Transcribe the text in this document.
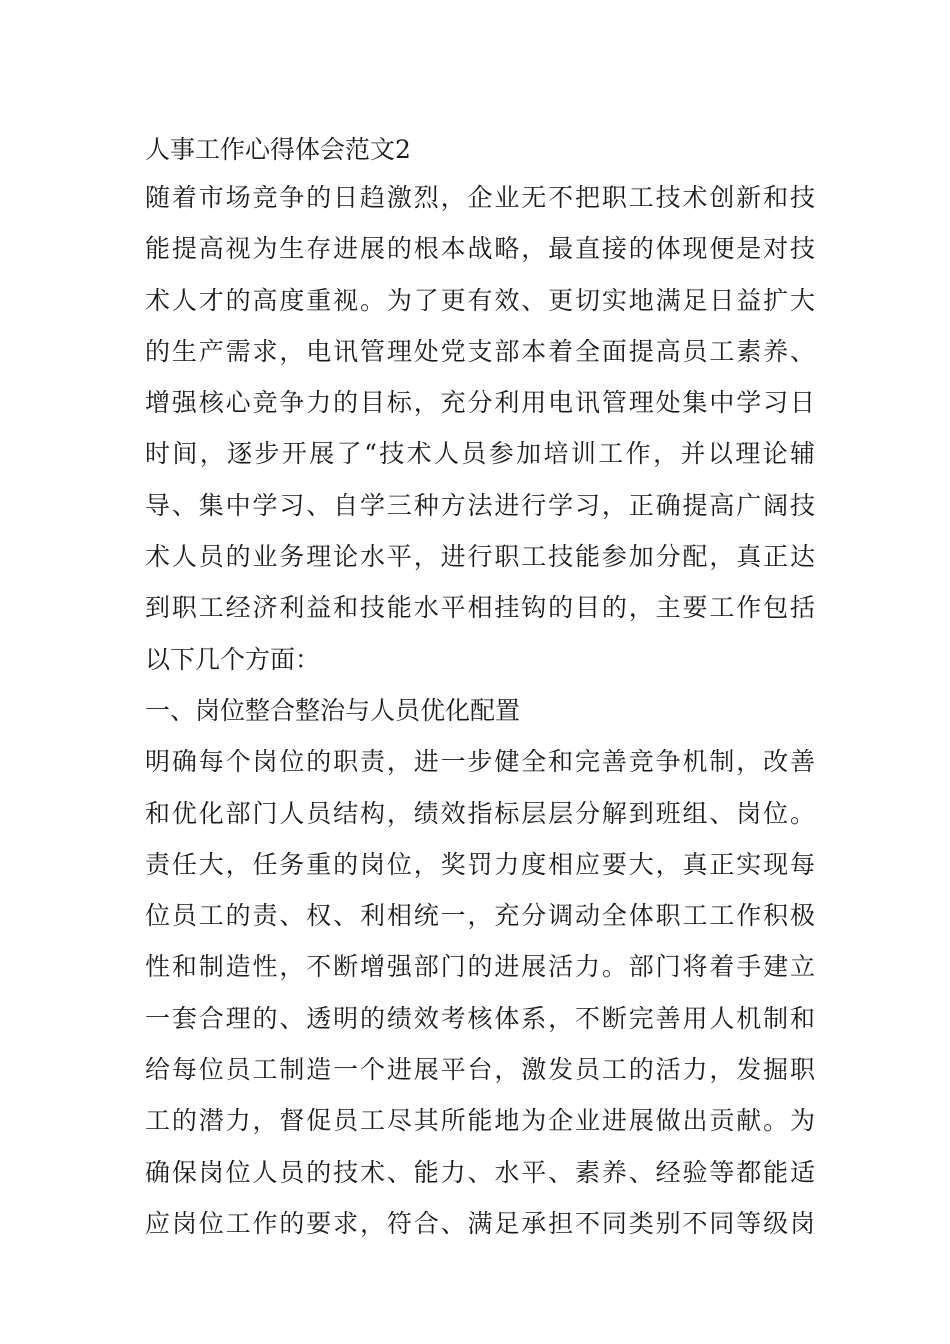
人事工作心得体会范文2
随着市场竞争的日趋激烈，企业无不把职工技术创新和技
能提高视为生存进展的根本战略，最直接的体现便是对技
术人才的高度重视。为了更有效、更切实地满足日益扩大
的生产需求，电讯管理处党支部本着全面提高员工素养、
增强核心竞争力的目标，充分利用电讯管理处集中学习日
时间，逐步开展了“技术人员参加培训工作，并以理论辅
导、集中学习、自学三种方法进行学习，正确提高广阔技
术人员的业务理论水平，进行职工技能参加分配，真正达
到职工经济利益和技能水平相挂钩的目的，主要工作包括
以下几个方面：
一、岗位整合整治与人员优化配置
明确每个岗位的职责，进一步健全和完善竞争机制，改善
和优化部门人员结构，绩效指标层层分解到班组、岗位。
责任大，任务重的岗位，奖罚力度相应要大，真正实现每
位员工的责、权、利相统一，充分调动全体职工工作积极
性和制造性，不断增强部门的进展活力。部门将着手建立
一套合理的、透明的绩效考核体系，不断完善用人机制和
给每位员工制造一个进展平台，激发员工的活力，发掘职
工的潜力，督促员工尽其所能地为企业进展做出贡献。为
确保岗位人员的技术、能力、水平、素养、经验等都能适
应岗位工作的要求，符合、满足承担不同类别不同等级岗
